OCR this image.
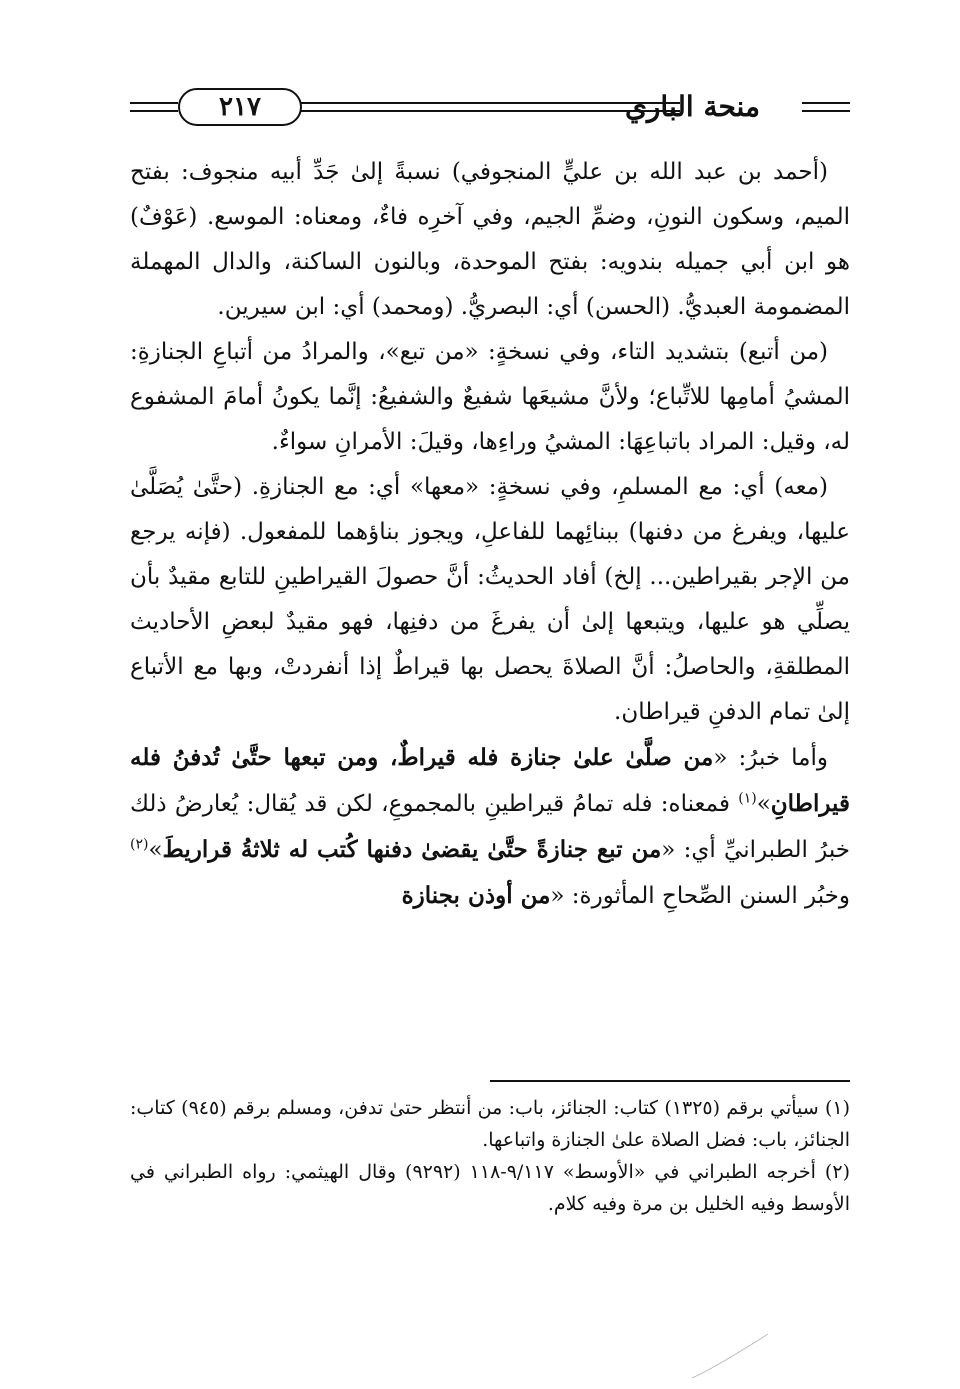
منحة الباري
٢١٧

(أحمد بن عبد الله بن عليٍّ المنجوفي) نسبةً إلىٰ جَدِّ أبيه منجوف: بفتح الميم، وسكون النونِ، وضمِّ الجيم، وفي آخرِه فاءٌ، ومعناه: الموسع. (عَوْفٌ) هو ابن أبي جميله بندويه: بفتح الموحدة، وبالنون الساكنة، والدال المهملة المضمومة العبديُّ. (الحسن) أي: البصريُّ. (ومحمد) أي: ابن سيرين.

(من أتبع) بتشديد التاء، وفي نسخةٍ: «من تبع»، والمرادُ من أتباعِ الجنازةِ: المشيُ أمامِها للاتِّباع؛ ولأنَّ مشيعَها شفيعٌ والشفيعُ: إنَّما يكونُ أمامَ المشفوع له، وقيل: المراد باتباعِهَا: المشيُ وراءِها، وقيلَ: الأمرانِ سواءٌ.

(معه) أي: مع المسلمِ، وفي نسخةٍ: «معها» أي: مع الجنازةِ. (حتَّىٰ يُصَلَّىٰ عليها، ويفرغ من دفنها) ببنائِهما للفاعلِ، ويجوز بناؤهما للمفعول. (فإنه يرجع من الإجر بقيراطين... إلخ) أفاد الحديثُ: أنَّ حصولَ القيراطينِ للتابع مقيدٌ بأن يصلِّي هو عليها، ويتبعها إلىٰ أن يفرغَ من دفنِها، فهو مقيدٌ لبعضِ الأحاديث المطلقةِ، والحاصلُ: أنَّ الصلاةَ يحصل بها قيراطٌ إذا أنفردتْ، وبها مع الأتباع إلىٰ تمام الدفنِ قيراطان.

وأما خبرُ: «من صلَّىٰ علىٰ جنازة فله قيراطٌ، ومن تبعها حتَّىٰ تُدفنُ فله قيراطانِ»$^{(١)}$ فمعناه: فله تمامُ قيراطينِ بالمجموعِ، لكن قد يُقال: يُعارضُ ذلك خبرُ الطبرانيِّ أي: «من تبع جنازةً حتَّىٰ يقضىٰ دفنها كُتب له ثلاثةُ قراريطَ»$^{(٢)}$ وخبُر السنن الصِّحاحِ المأثورة: «من أوذن بجنازة

(١) سيأتي برقم (١٣٢٥) كتاب: الجنائز، باب: من أنتظر حتىٰ تدفن، ومسلم برقم (٩٤٥) كتاب: الجنائز، باب: فضل الصلاة علىٰ الجنازة واتباعها.

(٢) أخرجه الطبراني في «الأوسط» ٩/١١٧-١١٨ (٩٢٩٢) وقال الهيثمي: رواه الطبراني في الأوسط وفيه الخليل بن مرة وفيه كلام.
